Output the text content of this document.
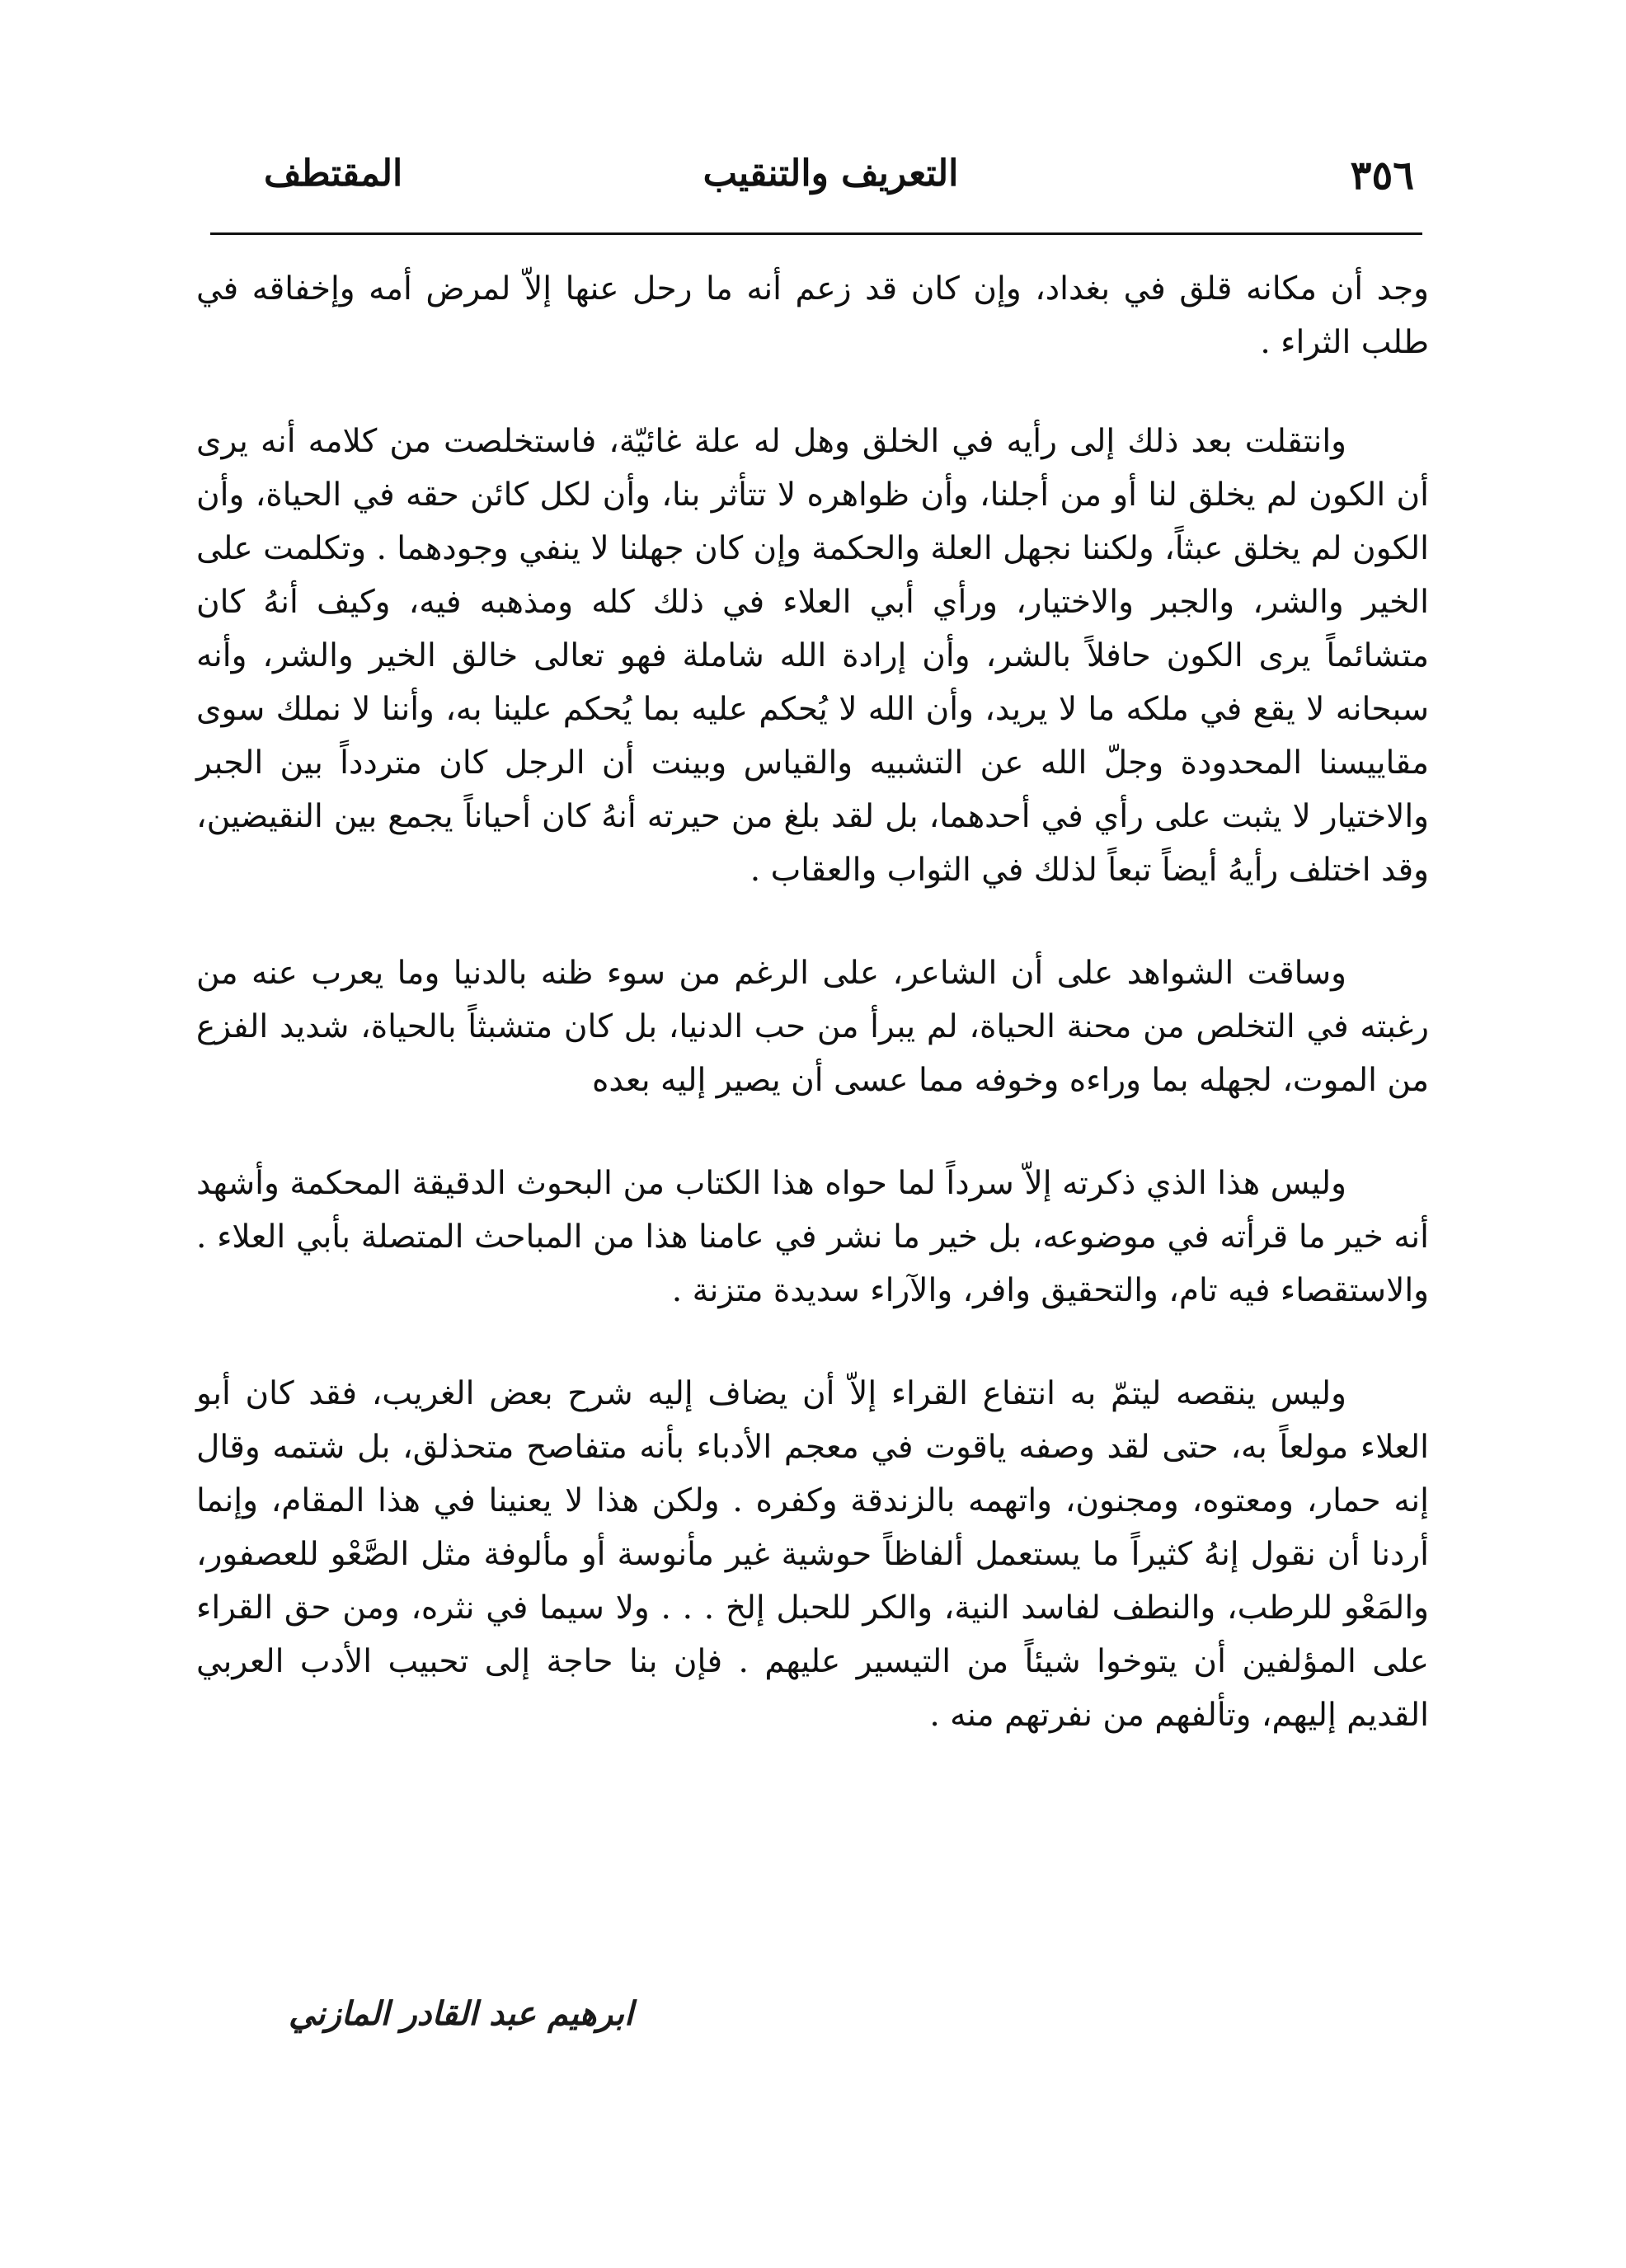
٣٥٦
التعريف والتنقيب
المقتطف

وجد أن مكانه قلق في بغداد، وإن كان قد زعم أنه ما رحل عنها إلاّ لمرض أمه وإخفاقه في طلب الثراء .

وانتقلت بعد ذلك إلى رأيه في الخلق وهل له علة غائيّة، فاستخلصت من كلامه أنه يرى أن الكون لم يخلق لنا أو من أجلنا، وأن ظواهره لا تتأثر بنا، وأن لكل كائن حقه في الحياة، وأن الكون لم يخلق عبثاً، ولكننا نجهل العلة والحكمة وإن كان جهلنا لا ينفي وجودهما . وتكلمت على الخير والشر، والجبر والاختيار، ورأي أبي العلاء في ذلك كله ومذهبه فيه، وكيف أنهُ كان متشائماً يرى الكون حافلاً بالشر، وأن إرادة الله شاملة فهو تعالى خالق الخير والشر، وأنه سبحانه لا يقع في ملكه ما لا يريد، وأن الله لا يُحكم عليه بما يُحكم علينا به، وأننا لا نملك سوى مقاييسنا المحدودة وجلّ الله عن التشبيه والقياس وبينت أن الرجل كان متردداً بين الجبر والاختيار لا يثبت على رأي في أحدهما، بل لقد بلغ من حيرته أنهُ كان أحياناً يجمع بين النقيضين، وقد اختلف رأيهُ أيضاً تبعاً لذلك في الثواب والعقاب .

وساقت الشواهد على أن الشاعر، على الرغم من سوء ظنه بالدنيا وما يعرب عنه من رغبته في التخلص من محنة الحياة، لم يبرأ من حب الدنيا، بل كان متشبثاً بالحياة، شديد الفزع من الموت، لجهله بما وراءه وخوفه مما عسى أن يصير إليه بعده

وليس هذا الذي ذكرته إلاّ سرداً لما حواه هذا الكتاب من البحوث الدقيقة المحكمة وأشهد أنه خير ما قرأته في موضوعه، بل خير ما نشر في عامنا هذا من المباحث المتصلة بأبي العلاء . والاستقصاء فيه تام، والتحقيق وافر، والآراء سديدة متزنة .

وليس ينقصه ليتمّ به انتفاع القراء إلاّ أن يضاف إليه شرح بعض الغريب، فقد كان أبو العلاء مولعاً به، حتى لقد وصفه ياقوت في معجم الأدباء بأنه متفاصح متحذلق، بل شتمه وقال إنه حمار، ومعتوه، ومجنون، واتهمه بالزندقة وكفره . ولكن هذا لا يعنينا في هذا المقام، وإنما أردنا أن نقول إنهُ كثيراً ما يستعمل ألفاظاً حوشية غير مأنوسة أو مألوفة مثل الصَّعْو للعصفور، والمَعْو للرطب، والنطف لفاسد النية، والكر للحبل إلخ . . . ولا سيما في نثره، ومن حق القراء على المؤلفين أن يتوخوا شيئاً من التيسير عليهم . فإن بنا حاجة إلى تحبيب الأدب العربي القديم إليهم، وتألفهم من نفرتهم منه .

ابرهيم عبد القادر المازني
